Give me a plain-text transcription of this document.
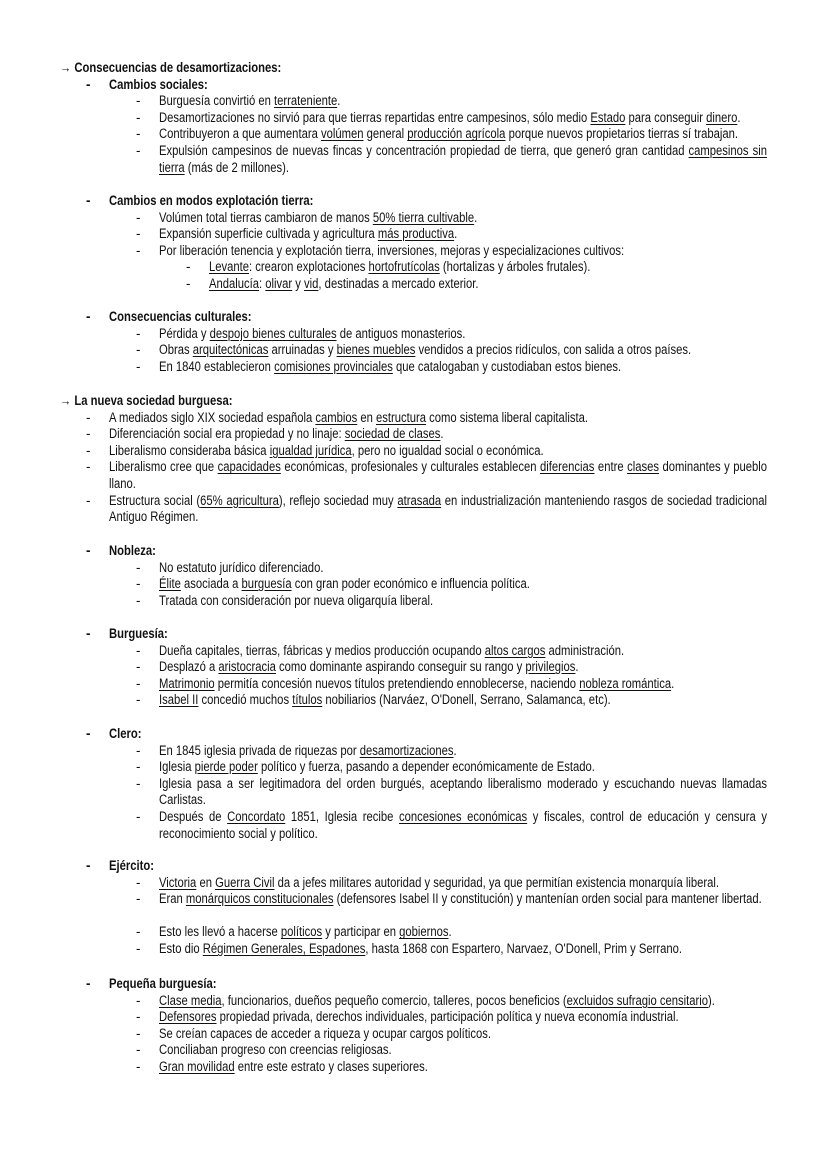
→ Consecuencias de desamortizaciones:
- Cambios sociales:
- Burguesía convirtió en terrateniente.
- Desamortizaciones no sirvió para que tierras repartidas entre campesinos, sólo medio Estado para conseguir dinero.
- Contribuyeron a que aumentara volúmen general producción agrícola porque nuevos propietarios tierras sí trabajan.
- Expulsión campesinos de nuevas fincas y concentración propiedad de tierra, que generó gran cantidad campesinos sin tierra (más de 2 millones).
- Cambios en modos explotación tierra:
- Volúmen total tierras cambiaron de manos 50% tierra cultivable.
- Expansión superficie cultivada y agricultura más productiva.
- Por liberación tenencia y explotación tierra, inversiones, mejoras y especializaciones cultivos:
- Levante: crearon explotaciones hortofrutícolas (hortalizas y árboles frutales).
- Andalucía: olivar y vid, destinadas a mercado exterior.
- Consecuencias culturales:
- Pérdida y despojo bienes culturales de antiguos monasterios.
- Obras arquitectónicas arruinadas y bienes muebles vendidos a precios ridículos, con salida a otros países.
- En 1840 establecieron comisiones provinciales que catalogaban y custodiaban estos bienes.
→ La nueva sociedad burguesa:
- A mediados siglo XIX sociedad española cambios en estructura como sistema liberal capitalista.
- Diferenciación social era propiedad y no linaje: sociedad de clases.
- Liberalismo consideraba básica igualdad jurídica, pero no igualdad social o económica.
- Liberalismo cree que capacidades económicas, profesionales y culturales establecen diferencias entre clases dominantes y pueblo llano.
- Estructura social (65% agricultura), reflejo sociedad muy atrasada en industrialización manteniendo rasgos de sociedad tradicional Antiguo Régimen.
- Nobleza:
- No estatuto jurídico diferenciado.
- Élite asociada a burguesía con gran poder económico e influencia política.
- Tratada con consideración por nueva oligarquía liberal.
- Burguesía:
- Dueña capitales, tierras, fábricas y medios producción ocupando altos cargos administración.
- Desplazó a aristocracia como dominante aspirando conseguir su rango y privilegios.
- Matrimonio permitía concesión nuevos títulos pretendiendo ennoblecerse, naciendo nobleza romántica.
- Isabel II concedió muchos títulos nobiliarios (Narváez, O'Donell, Serrano, Salamanca, etc).
- Clero:
- En 1845 iglesia privada de riquezas por desamortizaciones.
- Iglesia pierde poder político y fuerza, pasando a depender económicamente de Estado.
- Iglesia pasa a ser legitimadora del orden burgués, aceptando liberalismo moderado y escuchando nuevas llamadas Carlistas.
- Después de Concordato 1851, Iglesia recibe concesiones económicas y fiscales, control de educación y censura y reconocimiento social y político.
- Ejército:
- Victoria en Guerra Civil da a jefes militares autoridad y seguridad, ya que permitían existencia monarquía liberal.
- Eran monárquicos constitucionales (defensores Isabel II y constitución) y mantenían orden social para mantener libertad.
- Esto les llevó a hacerse políticos y participar en gobiernos.
- Esto dio Régimen Generales, Espadones, hasta 1868 con Espartero, Narvaez, O'Donell, Prim y Serrano.
- Pequeña burguesía:
- Clase media, funcionarios, dueños pequeño comercio, talleres, pocos beneficios (excluidos sufragio censitario).
- Defensores propiedad privada, derechos individuales, participación política y nueva economía industrial.
- Se creían capaces de acceder a riqueza y ocupar cargos políticos.
- Conciliaban progreso con creencias religiosas.
- Gran movilidad entre este estrato y clases superiores.
